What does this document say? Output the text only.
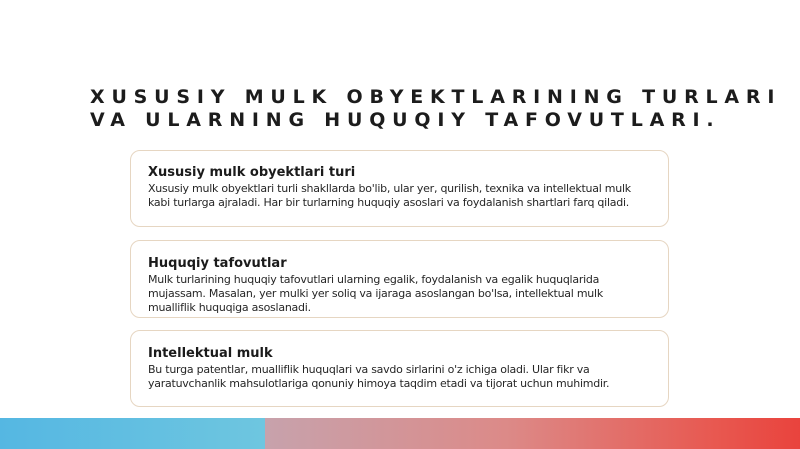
XUSUSIY MULK OBYEKTLARINING TURLARI
VA ULARNING HUQUQIY TAFOVUTLARI.
Xususiy mulk obyektlari turi

Xususiy mulk obyektlari turli shakllarda bo'lib, ular yer, qurilish, texnika va intellektual mulk kabi turlarga ajraladi. Har bir turlarning huquqiy asoslari va foydalanish shartlari farq qiladi.

Huquqiy tafovutlar

Mulk turlarining huquqiy tafovutlari ularning egalik, foydalanish va egalik huquqlarida mujassam. Masalan, yer mulki yer soliq va ijaraga asoslangan bo'lsa, intellektual mulk mualliflik huquqiga asoslanadi.

Intellektual mulk

Bu turga patentlar, mualliflik huquqlari va savdo sirlarini o'z ichiga oladi. Ular fikr va yaratuvchanlik mahsulotlariga qonuniy himoya taqdim etadi va tijorat uchun muhimdir.
